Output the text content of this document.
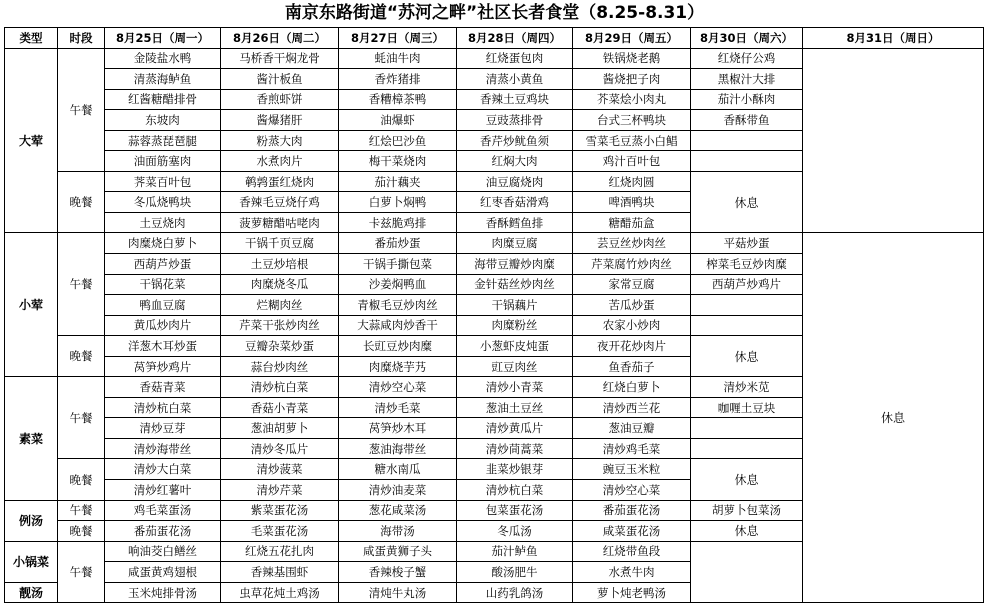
南京东路街道“苏河之畔”社区长者食堂（8.25-8.31）
类型	时段	8月25日（周一）	8月26日（周二）	8月27日（周三）	8月28日（周四）	8月29日（周五）	8月30日（周六）	8月31日（周日）
大荤	午餐	金陵盐水鸭	马桥香干焖龙骨	蚝油牛肉	红烧蛋包肉	铁锅烧老鹅	红烧仔公鸡	
		清蒸海鲈鱼	酱汁板鱼	香炸猪排	清蒸小黄鱼	酱烧把子肉	黑椒汁大排	
		红酱糖醋排骨	香煎虾饼	香糟樟茶鸭	香辣土豆鸡块	芥菜烩小肉丸	茄汁小酥肉	
		东坡肉	酱爆猪肝	油爆虾	豆豉蒸排骨	台式三杯鸭块	香酥带鱼	
		蒜蓉蒸琵琶腿	粉蒸大肉	红烩巴沙鱼	香芹炒鱿鱼须	雪菜毛豆蒸小白鲳		
		油面筋塞肉	水煮肉片	梅干菜烧肉	红焖大肉	鸡汁百叶包		
	晚餐	荠菜百叶包	鹌鹑蛋红烧肉	茄汁藕夹	油豆腐烧肉	红烧肉圆	休息	
		冬瓜烧鸭块	香辣毛豆烧仔鸡	白萝卜焖鸭	红枣香菇滑鸡	啤酒鸭块		
		土豆烧肉	菠萝糖醋咕咾肉	卡兹脆鸡排	香酥鳕鱼排	糖醋茄盒		
小荤	午餐	肉糜烧白萝卜	干锅千页豆腐	番茄炒蛋	肉糜豆腐	芸豆丝炒肉丝	平菇炒蛋	休息
		西葫芦炒蛋	土豆炒培根	干锅手撕包菜	海带豆瓣炒肉糜	芹菜腐竹炒肉丝	榨菜毛豆炒肉糜	
		干锅花菜	肉糜烧冬瓜	沙姜焖鸭血	金针菇丝炒肉丝	家常豆腐	西葫芦炒鸡片	
		鸭血豆腐	烂糊肉丝	青椒毛豆炒肉丝	干锅藕片	苦瓜炒蛋		
		黄瓜炒肉片	芹菜干张炒肉丝	大蒜咸肉炒香干	肉糜粉丝	农家小炒肉		
	晚餐	洋葱木耳炒蛋	豆瓣杂菜炒蛋	长豇豆炒肉糜	小葱虾皮炖蛋	夜开花炒肉片	休息	
		莴笋炒鸡片	蒜台炒肉丝	肉糜烧芋艿	豇豆肉丝	鱼香茄子		
素菜	午餐	香菇青菜	清炒杭白菜	清炒空心菜	清炒小青菜	红烧白萝卜	清炒米苋	
		清炒杭白菜	香菇小青菜	清炒毛菜	葱油土豆丝	清炒西兰花	咖喱土豆块	
		清炒豆芽	葱油胡萝卜	莴笋炒木耳	清炒黄瓜片	葱油豆瓣		
		清炒海带丝	清炒冬瓜片	葱油海带丝	清炒茼蒿菜	清炒鸡毛菜		
	晚餐	清炒大白菜	清炒菠菜	糖水南瓜	韭菜炒银芽	豌豆玉米粒	休息	
		清炒红薯叶	清炒芹菜	清炒油麦菜	清炒杭白菜	清炒空心菜		
例汤	午餐	鸡毛菜蛋汤	紫菜蛋花汤	葱花咸菜汤	包菜蛋花汤	番茄蛋花汤	胡萝卜包菜汤	
	晚餐	番茄蛋花汤	毛菜蛋花汤	海带汤	冬瓜汤	咸菜蛋花汤	休息	
小锅菜	午餐	响油茭白鳝丝	红烧五花扎肉	咸蛋黄狮子头	茄汁鲈鱼	红烧带鱼段		
		咸蛋黄鸡翅根	香辣基围虾	香辣梭子蟹	酸汤肥牛	水煮牛肉		
靓汤		玉米炖排骨汤	虫草花炖土鸡汤	清炖牛丸汤	山药乳鸽汤	萝卜炖老鸭汤		
